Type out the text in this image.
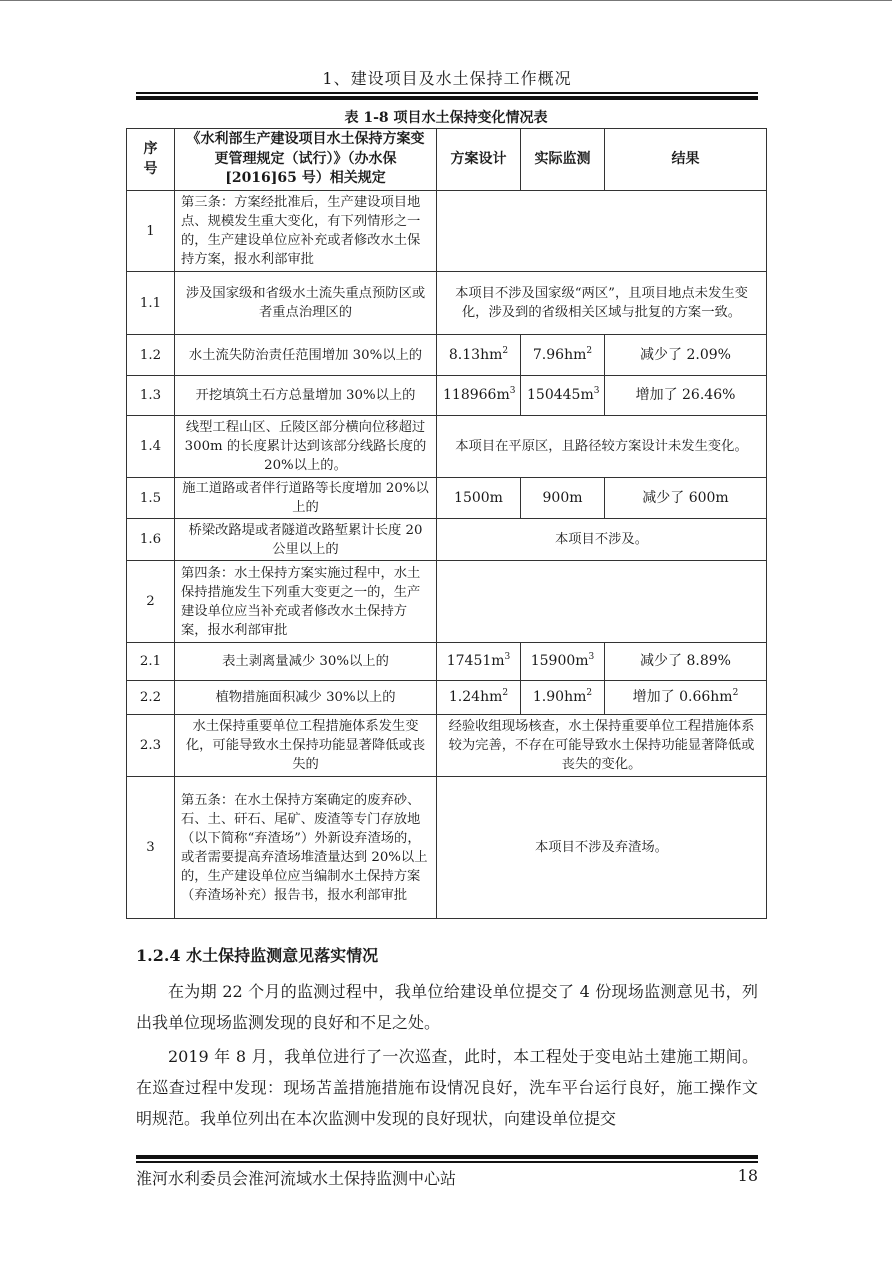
1、建设项目及水土保持工作概况
表 1-8 项目水土保持变化情况表
序号	《水利部生产建设项目水土保持方案变更管理规定（试行）》（办水保[2016]65 号）相关规定	方案设计	实际监测	结果
1	第三条：方案经批准后，生产建设项目地点、规模发生重大变化，有下列情形之一的，生产建设单位应补充或者修改水土保持方案，报水利部审批			
1.1	涉及国家级和省级水土流失重点预防区或者重点治理区的	本项目不涉及国家级“两区”，且项目地点未发生变化，涉及到的省级相关区域与批复的方案一致。		
1.2	水土流失防治责任范围增加 30%以上的	$8.13hm^2$	$7.96hm^2$	减少了 2.09%
1.3	开挖填筑土石方总量增加 30%以上的	$118966m^3$	$150445m^3$	增加了 26.46%
1.4	线型工程山区、丘陵区部分横向位移超过 300m 的长度累计达到该部分线路长度的 20%以上的。	本项目在平原区，且路径较方案设计未发生变化。		
1.5	施工道路或者伴行道路等长度增加 20%以上的	1500m	900m	减少了 600m
1.6	桥梁改路堤或者隧道改路堑累计长度 20 公里以上的	本项目不涉及。		
2	第四条：水土保持方案实施过程中，水土保持措施发生下列重大变更之一的，生产建设单位应当补充或者修改水土保持方案，报水利部审批			
2.1	表土剥离量减少 30%以上的	$17451m^3$	$15900m^3$	减少了 8.89%
2.2	植物措施面积减少 30%以上的	$1.24hm^2$	$1.90hm^2$	增加了 $0.66hm^2$
2.3	水土保持重要单位工程措施体系发生变化，可能导致水土保持功能显著降低或丧失的	经验收组现场核查，水土保持重要单位工程措施体系较为完善，不存在可能导致水土保持功能显著降低或丧失的变化。		
3	第五条：在水土保持方案确定的废弃砂、石、土、矸石、尾矿、废渣等专门存放地（以下简称“弃渣场”）外新设弃渣场的，或者需要提高弃渣场堆渣量达到 20%以上的，生产建设单位应当编制水土保持方案（弃渣场补充）报告书，报水利部审批	本项目不涉及弃渣场。		
1.2.4 水土保持监测意见落实情况

在为期 22 个月的监测过程中，我单位给建设单位提交了 4 份现场监测意见书，列出我单位现场监测发现的良好和不足之处。

2019 年 8 月，我单位进行了一次巡查，此时，本工程处于变电站土建施工期间。在巡查过程中发现：现场苫盖措施措施布设情况良好，洗车平台运行良好，施工操作文明规范。我单位列出在本次监测中发现的良好现状，向建设单位提交

淮河水利委员会淮河流域水土保持监测中心站	18
